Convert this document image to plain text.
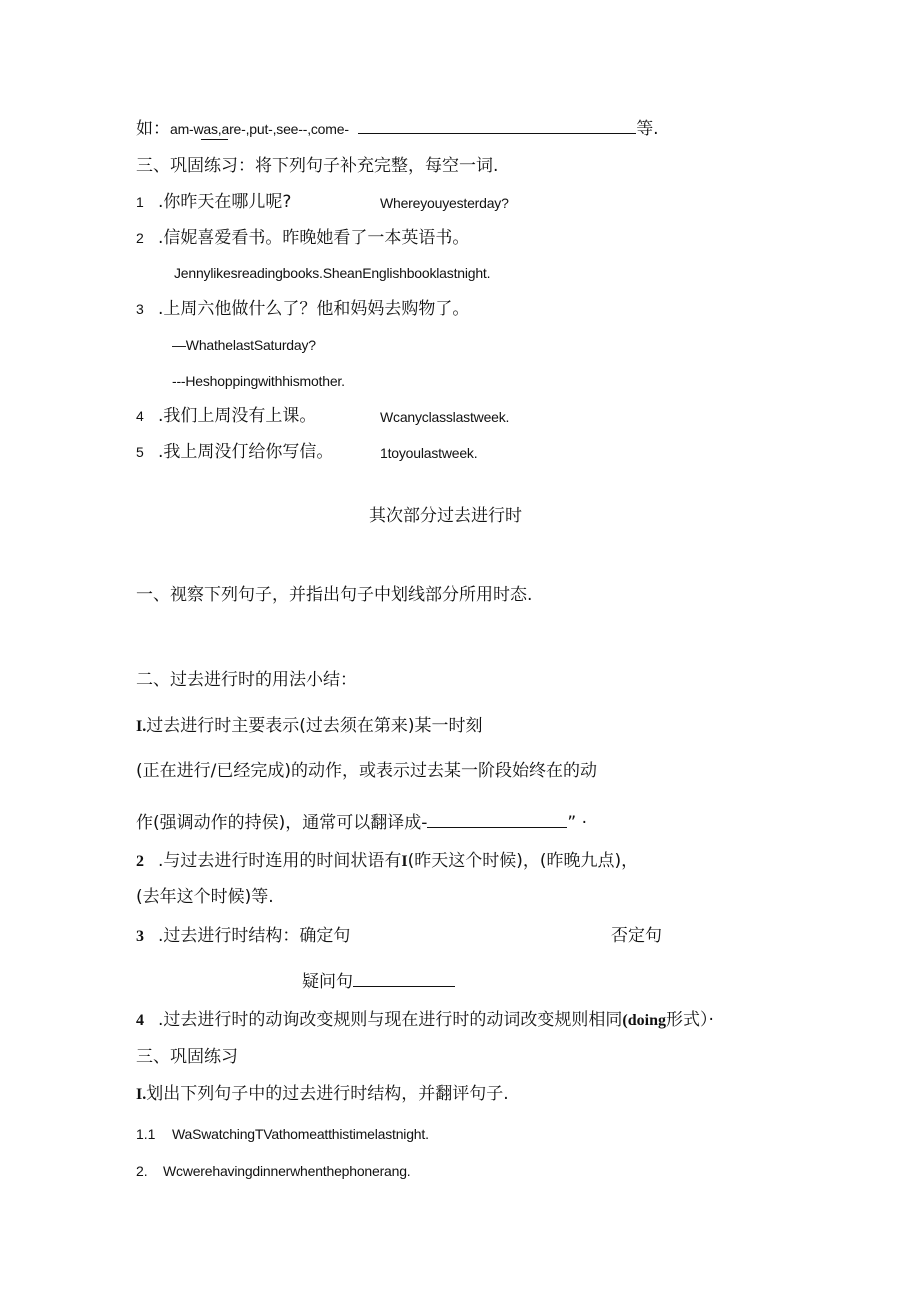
如：am-was,are-,put-,see--,come-	等.
三、巩固练习：将下列句子补充完整，每空一词.
1 .你昨天在哪儿呢?	Whereyouyesterday?
2 .信妮喜爱看书。昨晚她看了一本英语书。
Jennylikesreadingbooks.SheanEnglishbooklastnight.
3 .上周六他做什么了？他和妈妈去购物了。
—WhathelastSaturday?
---Heshoppingwithhismother.
4 .我们上周没有上课。	Wcanyclasslastweek.
5 .我上周没仃给你写信。	1toyoulastweek.
其次部分过去进行时
一、视察下列句子，并指出句子中划线部分所用时态.
二、过去进行时的用法小结：
I.过去进行时主要表示(过去须在第来)某一时刻
(正在进行/已经完成)的动作，或表示过去某一阶段始终在的动
作(强调动作的持侯)，通常可以翻译成-	” ·
2 .与过去进行时连用的时间状语有I(昨天这个时候)，(昨晚九点)，
(去年这个时候)等.
3 .过去进行时结构：确定句	否定句
疑问句
4 .过去进行时的动询改变规则与现在进行时的动词改变规则相同(doing形式）·
三、巩固练习
I.划出下列句子中的过去进行时结构，并翻评句子.
1.1 WaSwatchingTVathomeatthistimelastnight.
2. Wcwerehavingdinnerwhenthephonerang.
